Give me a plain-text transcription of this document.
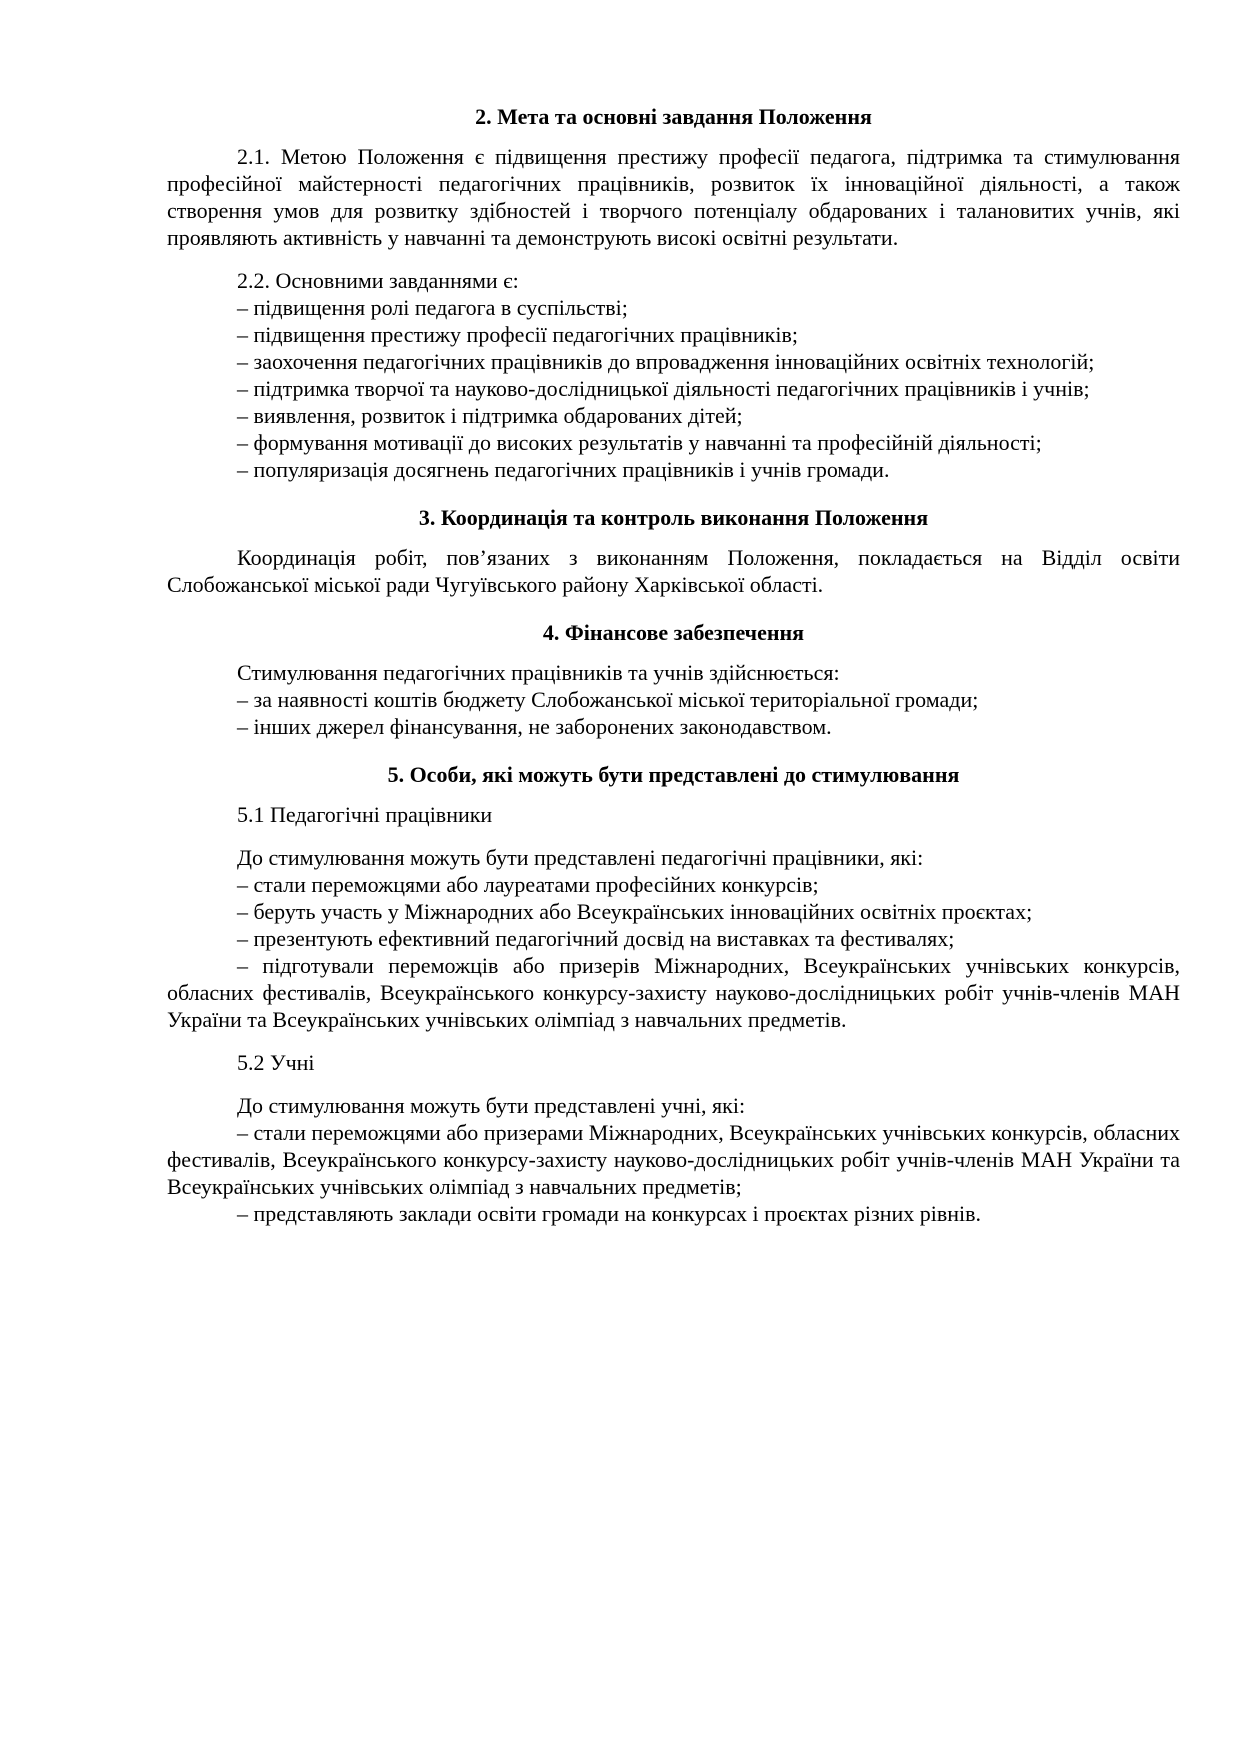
2. Мета та основні завдання Положення

2.1. Метою Положення є підвищення престижу професії педагога, підтримка та стимулювання професійної майстерності педагогічних працівників, розвиток їх інноваційної діяльності, а також створення умов для розвитку здібностей і творчого потенціалу обдарованих і талановитих учнів, які проявляють активність у навчанні та демонструють високі освітні результати.

2.2. Основними завданнями є:

– підвищення ролі педагога в суспільстві;

– підвищення престижу професії педагогічних працівників;

– заохочення педагогічних працівників до впровадження інноваційних освітніх технологій;

– підтримка творчої та науково-дослідницької діяльності педагогічних працівників і учнів;

– виявлення, розвиток і підтримка обдарованих дітей;

– формування мотивації до високих результатів у навчанні та професійній діяльності;

– популяризація досягнень педагогічних працівників і учнів громади.

3. Координація та контроль виконання Положення

Координація робіт, пов’язаних з виконанням Положення, покладається на Відділ освіти Слобожанської міської ради Чугуївського району Харківської області.

4. Фінансове забезпечення

Стимулювання педагогічних працівників та учнів здійснюється:

– за наявності коштів бюджету Слобожанської міської територіальної громади;

– інших джерел фінансування, не заборонених законодавством.

5. Особи, які можуть бути представлені до стимулювання

5.1 Педагогічні працівники

До стимулювання можуть бути представлені педагогічні працівники, які:

– стали переможцями або лауреатами професійних конкурсів;

– беруть участь у Міжнародних або Всеукраїнських інноваційних освітніх проєктах;

– презентують ефективний педагогічний досвід на виставках та фестивалях;

– підготували переможців або призерів Міжнародних, Всеукраїнських учнівських конкурсів, обласних фестивалів, Всеукраїнського конкурсу-захисту науково-дослідницьких робіт учнів-членів МАН України та Всеукраїнських учнівських олімпіад з навчальних предметів.

5.2 Учні

До стимулювання можуть бути представлені учні, які:

– стали переможцями або призерами Міжнародних, Всеукраїнських учнівських конкурсів, обласних фестивалів, Всеукраїнського конкурсу-захисту науково-дослідницьких робіт учнів-членів МАН України та Всеукраїнських учнівських олімпіад з навчальних предметів;

– представляють заклади освіти громади на конкурсах і проєктах різних рівнів.
